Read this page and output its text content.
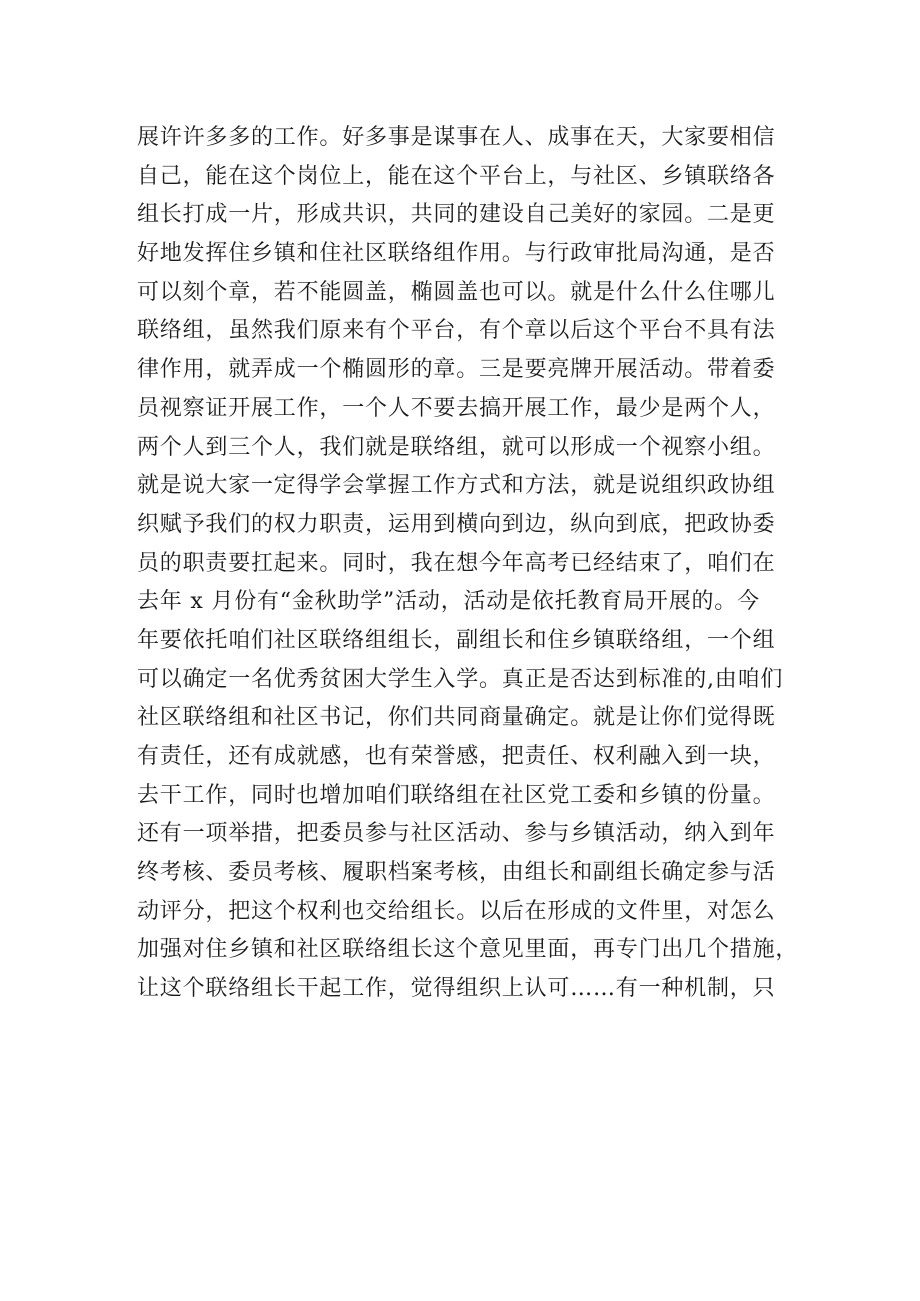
展许许多多的工作。好多事是谋事在人、成事在天，大家要相信
自己，能在这个岗位上，能在这个平台上，与社区、乡镇联络各
组长打成一片，形成共识，共同的建设自己美好的家园。二是更
好地发挥住乡镇和住社区联络组作用。与行政审批局沟通，是否
可以刻个章，若不能圆盖，椭圆盖也可以。就是什么什么住哪儿
联络组，虽然我们原来有个平台，有个章以后这个平台不具有法
律作用，就弄成一个椭圆形的章。三是要亮牌开展活动。带着委
员视察证开展工作，一个人不要去搞开展工作，最少是两个人，
两个人到三个人，我们就是联络组，就可以形成一个视察小组。
就是说大家一定得学会掌握工作方式和方法，就是说组织政协组
织赋予我们的权力职责，运用到横向到边，纵向到底，把政协委
员的职责要扛起来。同时，我在想今年高考已经结束了，咱们在
去年 x 月份有“金秋助学”活动，活动是依托教育局开展的。今
年要依托咱们社区联络组组长，副组长和住乡镇联络组，一个组
可以确定一名优秀贫困大学生入学。真正是否达到标准的,由咱们
社区联络组和社区书记，你们共同商量确定。就是让你们觉得既
有责任，还有成就感，也有荣誉感，把责任、权利融入到一块，
去干工作，同时也增加咱们联络组在社区党工委和乡镇的份量。
还有一项举措，把委员参与社区活动、参与乡镇活动，纳入到年
终考核、委员考核、履职档案考核，由组长和副组长确定参与活
动评分，把这个权利也交给组长。以后在形成的文件里，对怎么
加强对住乡镇和社区联络组长这个意见里面，再专门出几个措施，
让这个联络组长干起工作，觉得组织上认可……有一种机制，只
